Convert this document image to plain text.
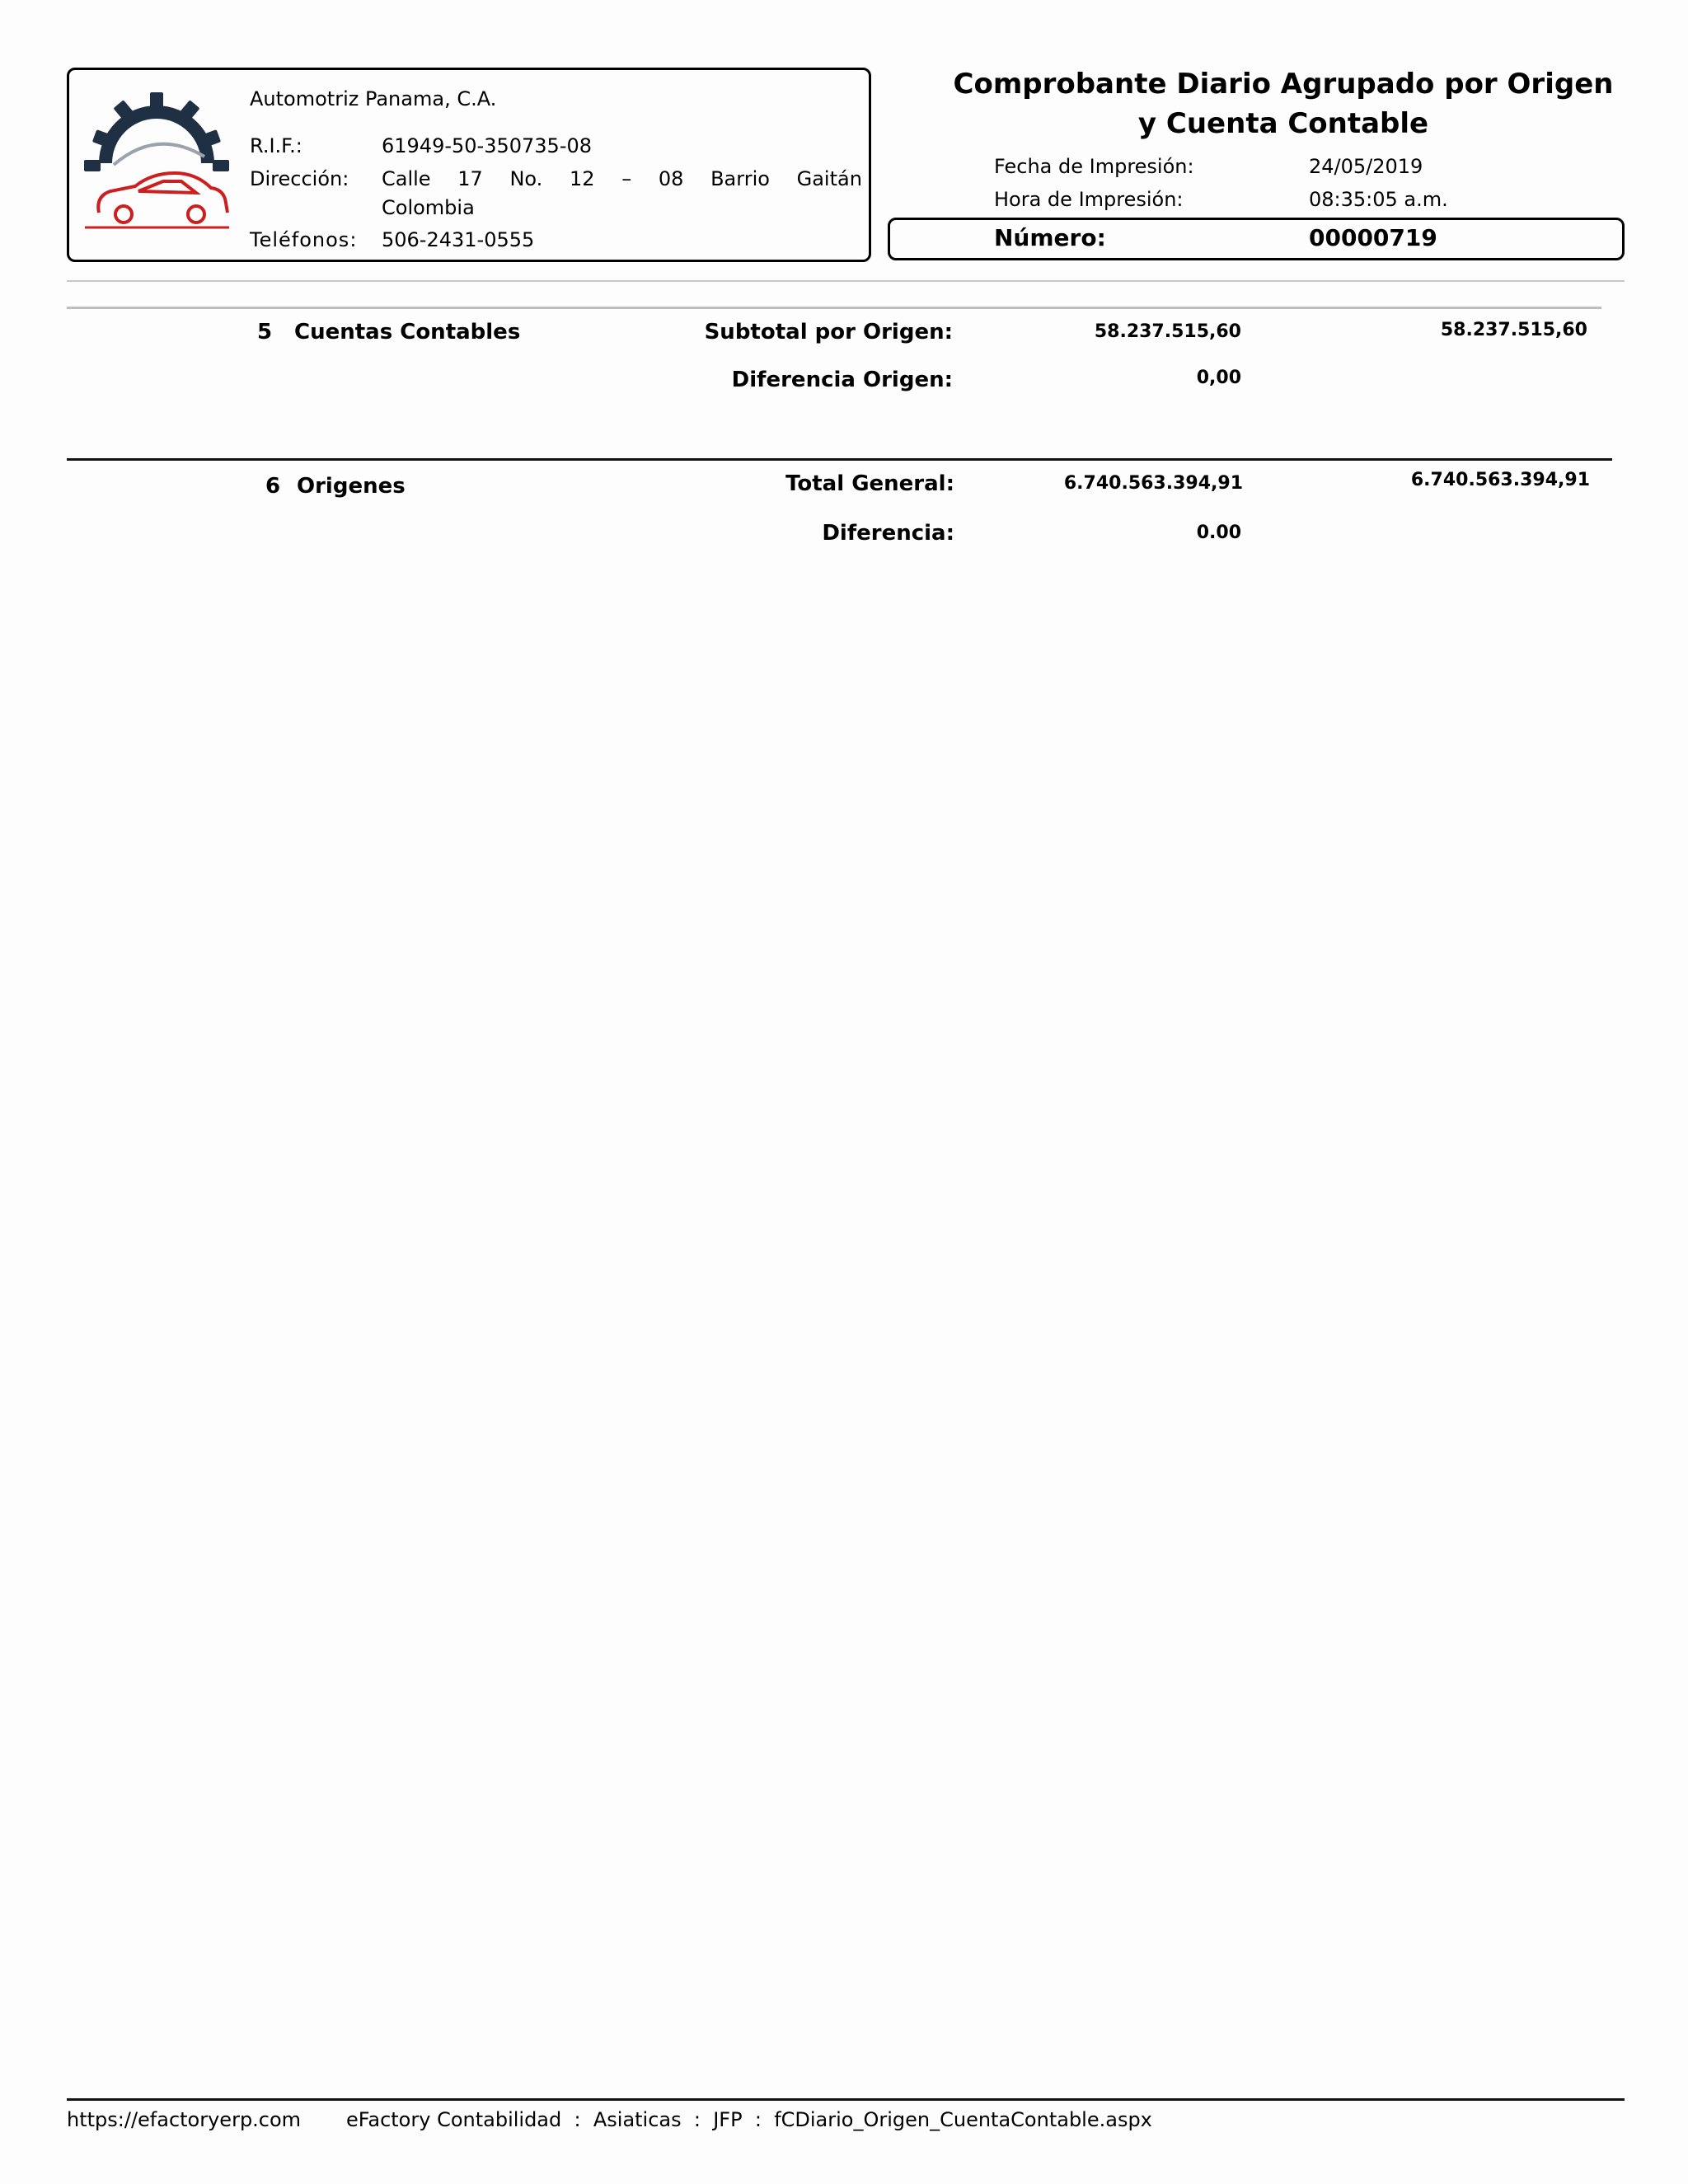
Automotriz Panama, C.A.
R.I.F.:	61949-50-350735-08
Dirección: Calle 17 No. 12 – 08 Barrio Gaitán
Colombia
Teléfonos: 506-2431-0555
Comprobante Diario Agrupado por Origen
y Cuenta Contable
Fecha de Impresión:	24/05/2019
Hora de Impresión:	08:35:05 a.m.
Número:	00000719
5 Cuentas Contables	Subtotal por Origen:	58.237.515,60	58.237.515,60
Diferencia Origen:	0,00
6 Origenes	Total General:	6.740.563.394,91	6.740.563.394,91
Diferencia:	0.00
https://efactoryerp.com eFactory Contabilidad  :  Asiaticas  :  JFP  :  fCDiario_Origen_CuentaContable.aspx
